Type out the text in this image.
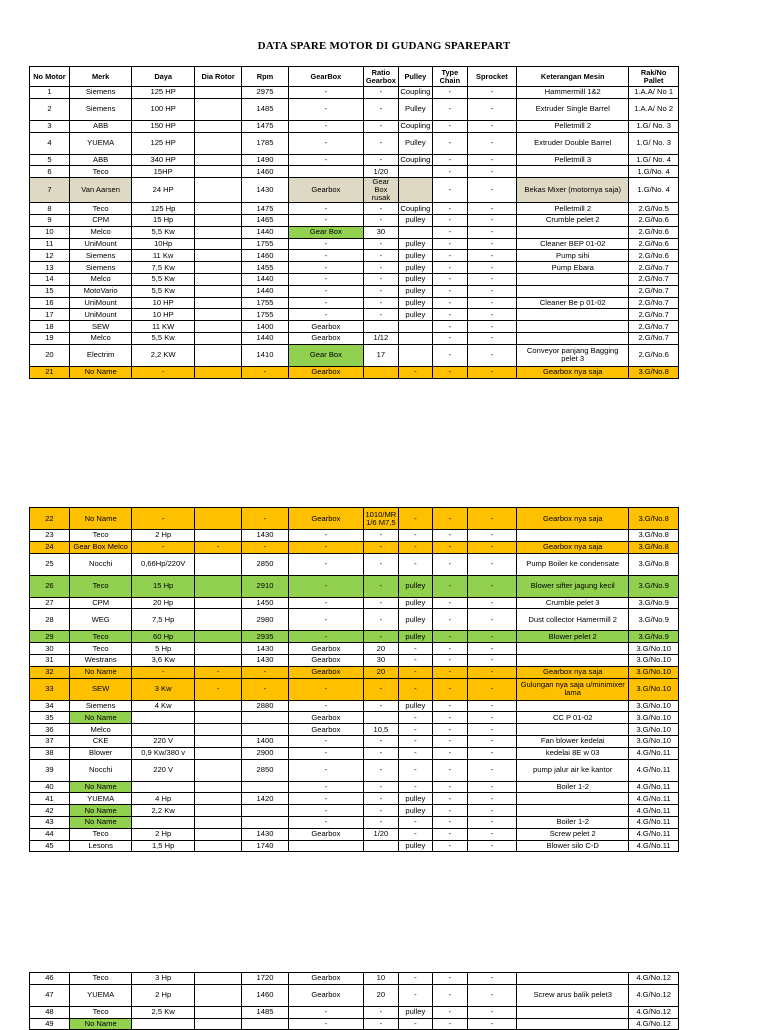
DATA SPARE MOTOR DI GUDANG SPAREPART
No Motor	Merk	Daya	Dia Rotor	Rpm	GearBox	Ratio Gearbox	Pulley	Type Chain	Sprocket	Keterangan Mesin	Rak/No Pallet
1	Siemens	125 HP		2975	-	-	Coupling	-	-	Hammermill 1&2	1.A.A/ No 1
2	Siemens	100 HP		1485	-	-	Pulley	-	-	Extruder Single Barrel	1.A.A/ No 2
3	ABB	150 HP		1475	-	-	Coupling	-	-	Pelletmill 2	1.G/ No. 3
4	YUEMA	125 HP		1785	-	-	Pulley	-	-	Extruder Double Barrel	1.G/ No. 3
5	ABB	340 HP		1490	-	-	Coupling	-	-	Pelletmill 3	1.G/ No. 4
6	Teco	15HP		1460		1/20		-	-		1.G/No. 4
7	Van Aarsen	24 HP		1430	Gearbox	Gear Box rusak		-	-	Bekas Mixer (motornya saja)	1.G/No. 4
8	Teco	125 Hp		1475	-	-	Coupling	-	-	Pelletmill 2	2.G/No.5
9	CPM	15 Hp		1465	-	-	pulley	-	-	Crumble pelet 2	2.G/No.6
10	Melco	5,5 Kw		1440	Gear Box	30		-	-		2.G/No.6
11	UniMount	10Hp		1755	-	-	pulley	-	-	Cleaner BEP 01-02	2.G/No.6
12	Siemens	11 Kw		1460	-	-	pulley	-	-	Pump sihi	2.G/No.6
13	Siemens	7,5 Kw		1455	-	-	pulley	-	-	Pump Ebara	2.G/No.7
14	Melco	5,5 Kw		1440	-	-	pulley	-	-		2.G/No.7
15	MotoVario	5,5 Kw		1440	-	-	pulley	-	-		2.G/No.7
16	UniMount	10 HP		1755	-	-	pulley	-	-	Cleaner Be p 01-02	2.G/No.7
17	UniMount	10 HP		1755	-	-	pulley	-	-		2.G/No.7
18	SEW	11 KW		1400	Gearbox			-	-		2.G/No.7
19	Melco	5,5 Kw		1440	Gearbox	1/12		-	-		2.G/No.7
20	Electrim	2,2 KW		1410	Gear Box	17		-	-	Conveyor panjang Bagging pelet 3	2.G/No.6
21	No Name	-		-	Gearbox		-	-	-	Gearbox nya saja	3.G/No.8
22	No Name	-		-	Gearbox	1010/MR 1/6 M7,5	-	-	-	Gearbox nya saja	3.G/No.8
23	Teco	2 Hp		1430	-	-	-	-	-		3.G/No.8
24	Gear Box Melco	-	-	-	-	-	-	-	-	Gearbox nya saja	3.G/No.8
25	Nocchi	0,66Hp/220V		2850	-	-	-	-	-	Pump Boiler ke condensate	3.G/No.8
26	Teco	15 Hp		2910	-	-	pulley	-	-	Blower sifter jagung kecil	3.G/No.9
27	CPM	20 Hp		1450	-	-	pulley	-	-	Crumble pelet 3	3.G/No.9
28	WEG	7,5 Hp		2980	-	-	pulley	-	-	Dust collector Hamermill 2	3.G/No.9
29	Teco	60 Hp		2935	-	-	pulley	-	-	Blower pelet 2	3.G/No.9
30	Teco	5 Hp		1430	Gearbox	20	-	-	-		3.G/No.10
31	Westrans	3,6 Kw		1430	Gearbox	30	-	-	-		3.G/No.10
32	No Name	-	-	-	Gearbox	20	-	-	-	Gearbox nya saja	3.G/No.10
33	SEW	3 Kw	-	-	-	-	-	-	-	Gulungan nya saja u/minimixer lama	3.G/No.10
34	Siemens	4 Kw		2880	-	-	pulley	-	-		3.G/No.10
35	No Name				Gearbox		-	-	-	CC P 01-02	3.G/No.10
36	Melco				Gearbox	10,5	-	-	-		3.G/No.10
37	CKE	220 V		1400	-	-	-	-	-	Fan blower kedelai	3.G/No.10
38	Blower	0,9 Kw/380 v		2900	-	-	-	-	-	kedelai 8E w 03	4.G/No.11
39	Nocchi	220 V		2850	-	-	-	-	-	pump jalur air ke kantor	4.G/No.11
40	No Name				-	-	-	-	-	Boiler 1-2	4.G/No.11
41	YUEMA	4 Hp		1420	-	-	pulley	-	-		4.G/No.11
42	No Name	2,2 Kw			-	-	pulley	-	-		4.G/No.11
43	No Name				-	-	-	-	-	Boiler 1-2	4.G/No.11
44	Teco	2 Hp		1430	Gearbox	1/20	-	-	-	Screw pelet 2	4.G/No.11
45	Lesons	1,5 Hp		1740			pulley	-	-	Blower silo C-D	4.G/No.11
46	Teco	3 Hp		1720	Gearbox	10	-	-	-		4.G/No.12
47	YUEMA	2 Hp		1460	Gearbox	20	-	-	-	Screw arus balik pelet3	4.G/No.12
48	Teco	2,5 Kw		1485	-	-	pulley	-	-		4.G/No.12
49	No Name				-	-	-	-	-		4.G/No.12
